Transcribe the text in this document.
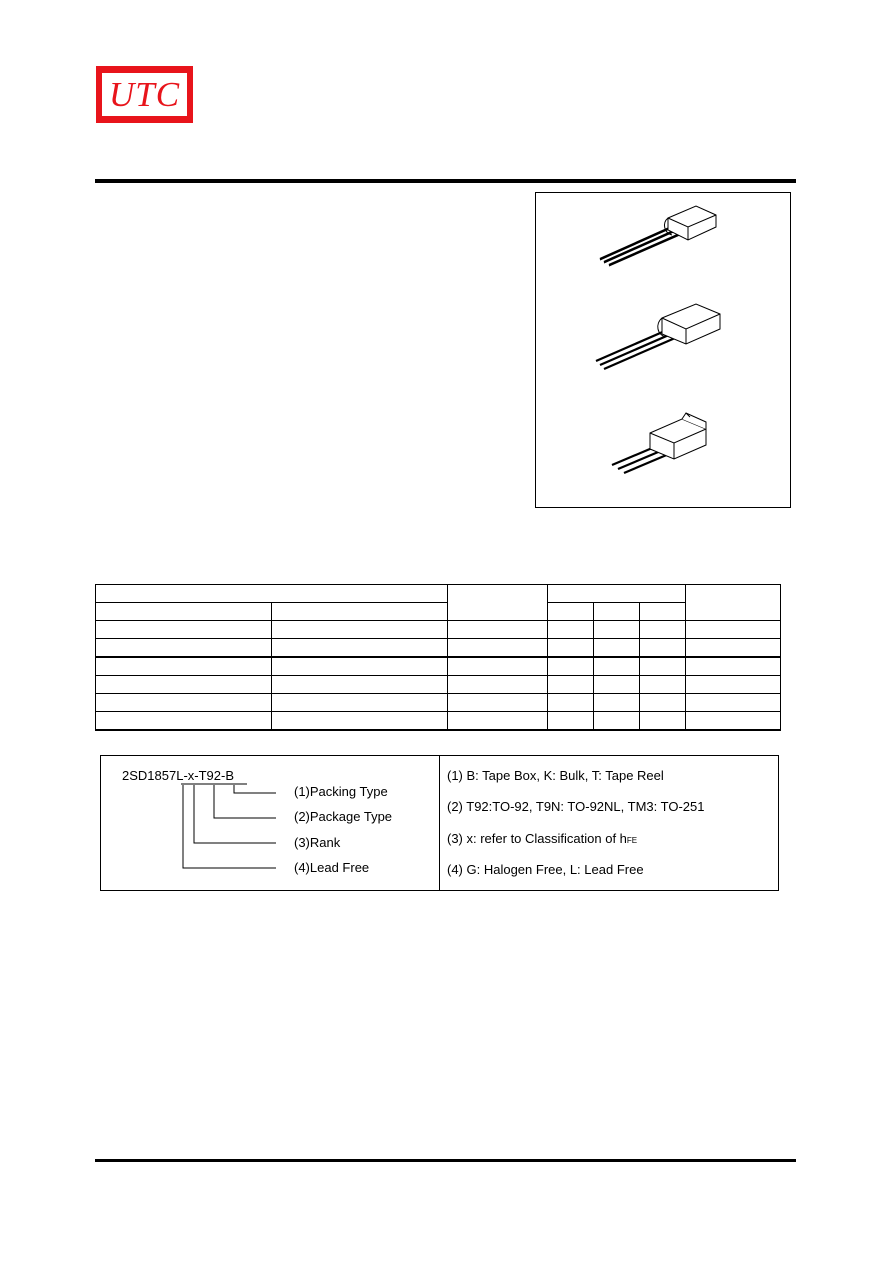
UTC

2SD1857L-x-T92-B
(1)Packing Type
(2)Package Type
(3)Rank
(4)Lead Free
(1) B: Tape Box, K: Bulk, T: Tape Reel
(2) T92:TO-92, T9N: TO-92NL, TM3: TO-251
(3) x: refer to Classification of hFE
(4) G: Halogen Free, L: Lead Free
